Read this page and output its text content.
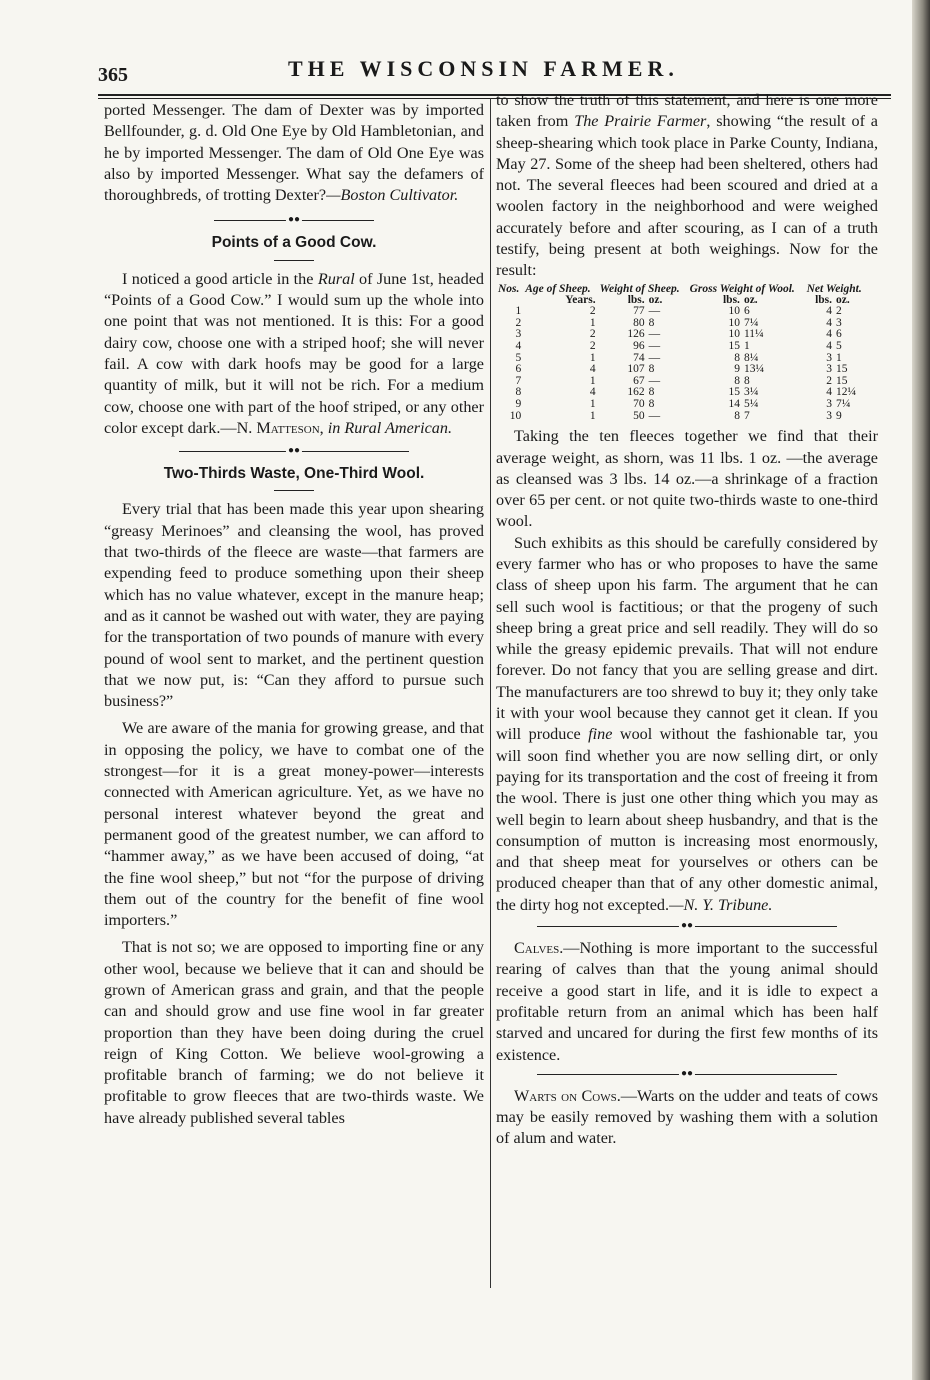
365	THE WISCONSIN FARMER.

ported Messenger. The dam of Dexter was by imported Bellfounder, g. d. Old One Eye by Old Hambletonian, and he by imported Messenger. The dam of Old One Eye was also by imported Messenger. What say the defamers of thoroughbreds, of trotting Dexter?—Boston Cultivator.

●●
Points of a Good Cow.

I noticed a good article in the Rural of June 1st, headed “Points of a Good Cow.” I would sum up the whole into one point that was not mentioned. It is this: For a good dairy cow, choose one with a striped hoof; she will never fail. A cow with dark hoofs may be good for a large quantity of milk, but it will not be rich. For a medium cow, choose one with part of the hoof striped, or any other color except dark.—N. Matteson, in Rural American.

●●
Two-Thirds Waste, One-Third Wool.

Every trial that has been made this year upon shearing “greasy Merinoes” and cleansing the wool, has proved that two-thirds of the fleece are waste—that farmers are expending feed to produce something upon their sheep which has no value whatever, except in the manure heap; and as it cannot be washed out with water, they are paying for the transportation of two pounds of manure with every pound of wool sent to market, and the pertinent question that we now put, is: “Can they afford to pursue such business?”

We are aware of the mania for growing grease, and that in opposing the policy, we have to combat one of the strongest—for it is a great money-power—interests connected with American agriculture. Yet, as we have no personal interest whatever beyond the great and permanent good of the greatest number, we can afford to “hammer away,” as we have been accused of doing, “at the fine wool sheep,” but not “for the purpose of driving them out of the country for the benefit of fine wool importers.”

That is not so; we are opposed to importing fine or any other wool, because we believe that it can and should be grown of American grass and grain, and that the people can and should grow and use fine wool in far greater proportion than they have been doing during the cruel reign of King Cotton. We believe wool-growing a profitable branch of farming; we do not believe it profitable to grow fleeces that are two-thirds waste. We have already published several tables

to show the truth of this statement, and here is one more taken from The Prairie Farmer, showing “the result of a sheep-shearing which took place in Parke County, Indiana, May 27. Some of the sheep had been sheltered, others had not. The several fleeces had been scoured and dried at a woolen factory in the neighborhood and were weighed accurately before and after scouring, as I can of a truth testify, being present at both weighings. Now for the result:

Nos.	Age of Sheep.	Weight of Sheep.		Gross Weight of Wool.		Net Weight.	
	Years.	lbs.	oz.	lbs.	oz.	lbs.	oz.
1	2	77	—	10	6	4	2
2	1	80	8	10	7¼	4	3
3	2	126	—	10	11¼	4	6
4	2	96	—	15	1	4	5
5	1	74	—	8	8¼	3	1
6	4	107	8	9	13¼	3	15
7	1	67	—	8	8	2	15
8	4	162	8	15	3¼	4	12¼
9	1	70	8	14	5¼	3	7¼
10	1	50	—	8	7	3	9

Taking the ten fleeces together we find that their average weight, as shorn, was 11 lbs. 1 oz. —the average as cleansed was 3 lbs. 14 oz.—a shrinkage of a fraction over 65 per cent. or not quite two-thirds waste to one-third wool.

Such exhibits as this should be carefully considered by every farmer who has or who proposes to have the same class of sheep upon his farm. The argument that he can sell such wool is factitious; or that the progeny of such sheep bring a great price and sell readily. They will do so while the greasy epidemic prevails. That will not endure forever. Do not fancy that you are selling grease and dirt. The manufacturers are too shrewd to buy it; they only take it with your wool because they cannot get it clean. If you will produce fine wool without the fashionable tar, you will soon find whether you are now selling dirt, or only paying for its transportation and the cost of freeing it from the wool. There is just one other thing which you may as well begin to learn about sheep husbandry, and that is the consumption of mutton is increasing most enormously, and that sheep meat for yourselves or others can be produced cheaper than that of any other domestic animal, the dirty hog not excepted.—N. Y. Tribune.

●●

Calves.—Nothing is more important to the successful rearing of calves than that the young animal should receive a good start in life, and it is idle to expect a profitable return from an animal which has been half starved and uncared for during the first few months of its existence.

●●

Warts on Cows.—Warts on the udder and teats of cows may be easily removed by washing them with a solution of alum and water.
